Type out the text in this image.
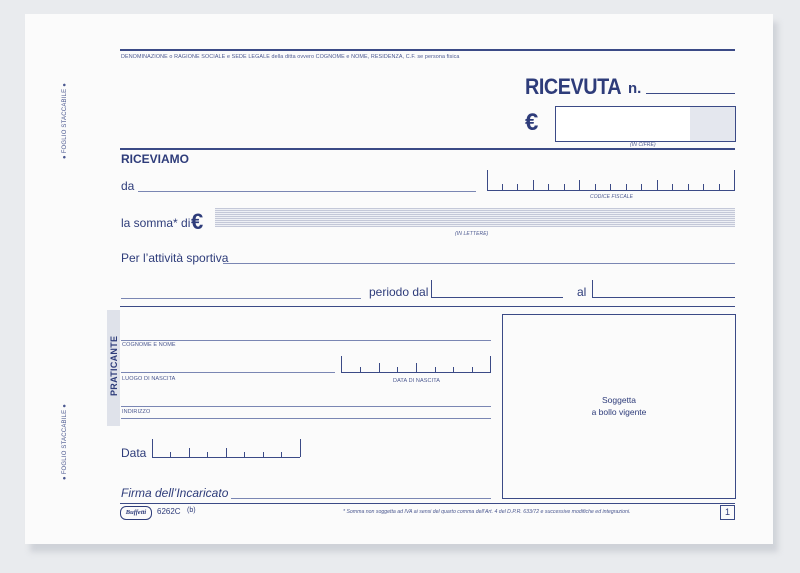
● FOGLIO STACCABILE ●
● FOGLIO STACCABILE ●
DENOMINAZIONE o RAGIONE SOCIALE e SEDE LEGALE della ditta ovvero COGNOME e NOME, RESIDENZA, C.F. se persona fisica
RICEVUTA n.
€
(IN CIFRE)
RICEVIAMO
da
CODICE FISCALE
la somma* di €	(IN LETTERE)
Per l’attività sportiva
periodo dal	al
PRATICANTE COGNOME E NOME
LUOGO DI NASCITA	DATA DI NASCITA
INDIRIZZO
Soggetta
a bollo vigente
Data
Firma dell’Incaricato
Buffetti	6262C (b)	* Somma non soggetta ad IVA ai sensi del quarto comma dell’Art. 4 del D.P.R. 633/72 e successive modifiche ed integrazioni.	1
